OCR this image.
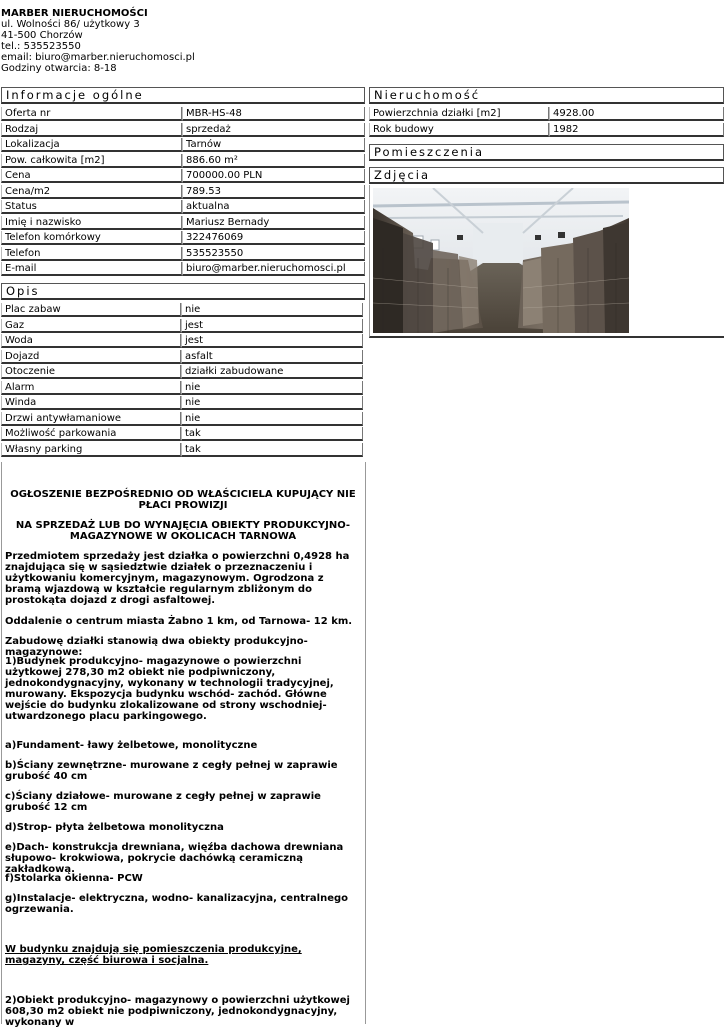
MARBER NIERUCHOMOŚCI
ul. Wolności 86/ użytkowy 3
41-500 Chorzów
tel.: 535523550
email: biuro@marber.nieruchomosci.pl
Godziny otwarcia: 8-18
Informacje ogólne	Nieruchomość
Pomieszczenia
Zdjęcia
Opis
Oferta nr	MBR-HS-48
Rodzaj	sprzedaż
Lokalizacja	Tarnów
Pow. całkowita [m2]	886.60 m²
Cena	700000.00 PLN
Cena/m2	789.53
Status	aktualna
Imię i nazwisko	Mariusz Bernady
Telefon komórkowy	322476069
Telefon	535523550
E-mail	biuro@marber.nieruchomosci.pl
Powierzchnia działki [m2]	4928.00
Rok budowy	1982
Plac zabaw	nie
Gaz	jest
Woda	jest
Dojazd	asfalt
Otoczenie	działki zabudowane
Alarm	nie
Winda	nie
Drzwi antywłamaniowe	nie
Możliwość parkowania	tak
Własny parking	tak
OGŁOSZENIE BEZPOŚREDNIO OD WŁAŚCICIELA KUPUJĄCY NIE PŁACI PROWIZJI
NA SPRZEDAŻ LUB DO WYNAJĘCIA OBIEKTY PRODUKCYJNO- MAGAZYNOWE W OKOLICACH TARNOWA
Przedmiotem sprzedaży jest działka o powierzchni 0,4928 ha znajdująca się w sąsiedztwie działek o przeznaczeniu i użytkowaniu komercyjnym, magazynowym. Ogrodzona z bramą wjazdową w kształcie regularnym zbliżonym do prostokąta dojazd z drogi asfaltowej.
Oddalenie o centrum miasta Żabno 1 km, od Tarnowa- 12 km.
Zabudowę działki stanowią dwa obiekty produkcyjno- magazynowe:
1)Budynek produkcyjno- magazynowe o powierzchni użytkowej 278,30 m2 obiekt nie podpiwniczony, jednokondygnacyjny, wykonany w technologii tradycyjnej, murowany. Ekspozycja budynku wschód- zachód. Główne wejście do budynku zlokalizowane od strony wschodniej- utwardzonego placu parkingowego.
a)Fundament- ławy żelbetowe, monolityczne
b)Ściany zewnętrzne- murowane z cegły pełnej w zaprawie grubość 40 cm
c)Ściany działowe- murowane z cegły pełnej w zaprawie grubość 12 cm
d)Strop- płyta żelbetowa monolityczna
e)Dach- konstrukcja drewniana, więźba dachowa drewniana słupowo- krokwiowa, pokrycie dachówką ceramiczną zakładkową.
f)Stolarka okienna- PCW
g)Instalacje- elektryczna, wodno- kanalizacyjna, centralnego ogrzewania.
W budynku znajdują się pomieszczenia produkcyjne, magazyny, część biurowa i socjalna.
2)Obiekt produkcyjno- magazynowy o powierzchni użytkowej 608,30 m2 obiekt nie podpiwniczony, jednokondygnacyjny, wykonany w
